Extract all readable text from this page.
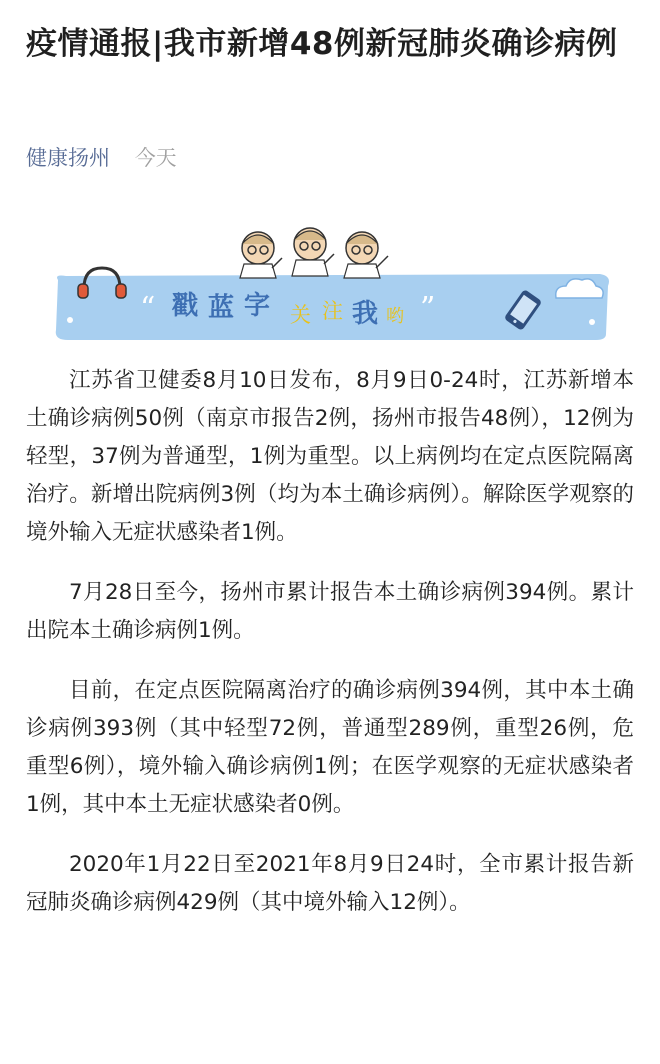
疫情通报|我市新增48例新冠肺炎确诊病例
健康扬州 今天
“ 戳 蓝 字 关 注 我 哟 ”

江苏省卫健委8月10日发布，8月9日0-24时，江苏新增本土确诊病例50例（南京市报告2例，扬州市报告48例），12例为轻型，37例为普通型，1例为重型。以上病例均在定点医院隔离治疗。新增出院病例3例（均为本土确诊病例）。解除医学观察的境外输入无症状感染者1例。

7月28日至今，扬州市累计报告本土确诊病例394例。累计出院本土确诊病例1例。

目前，在定点医院隔离治疗的确诊病例394例，其中本土确诊病例393例（其中轻型72例，普通型289例，重型26例，危重型6例），境外输入确诊病例1例；在医学观察的无症状感染者1例，其中本土无症状感染者0例。

2020年1月22日至2021年8月9日24时，全市累计报告新冠肺炎确诊病例429例（其中境外输入12例）。
